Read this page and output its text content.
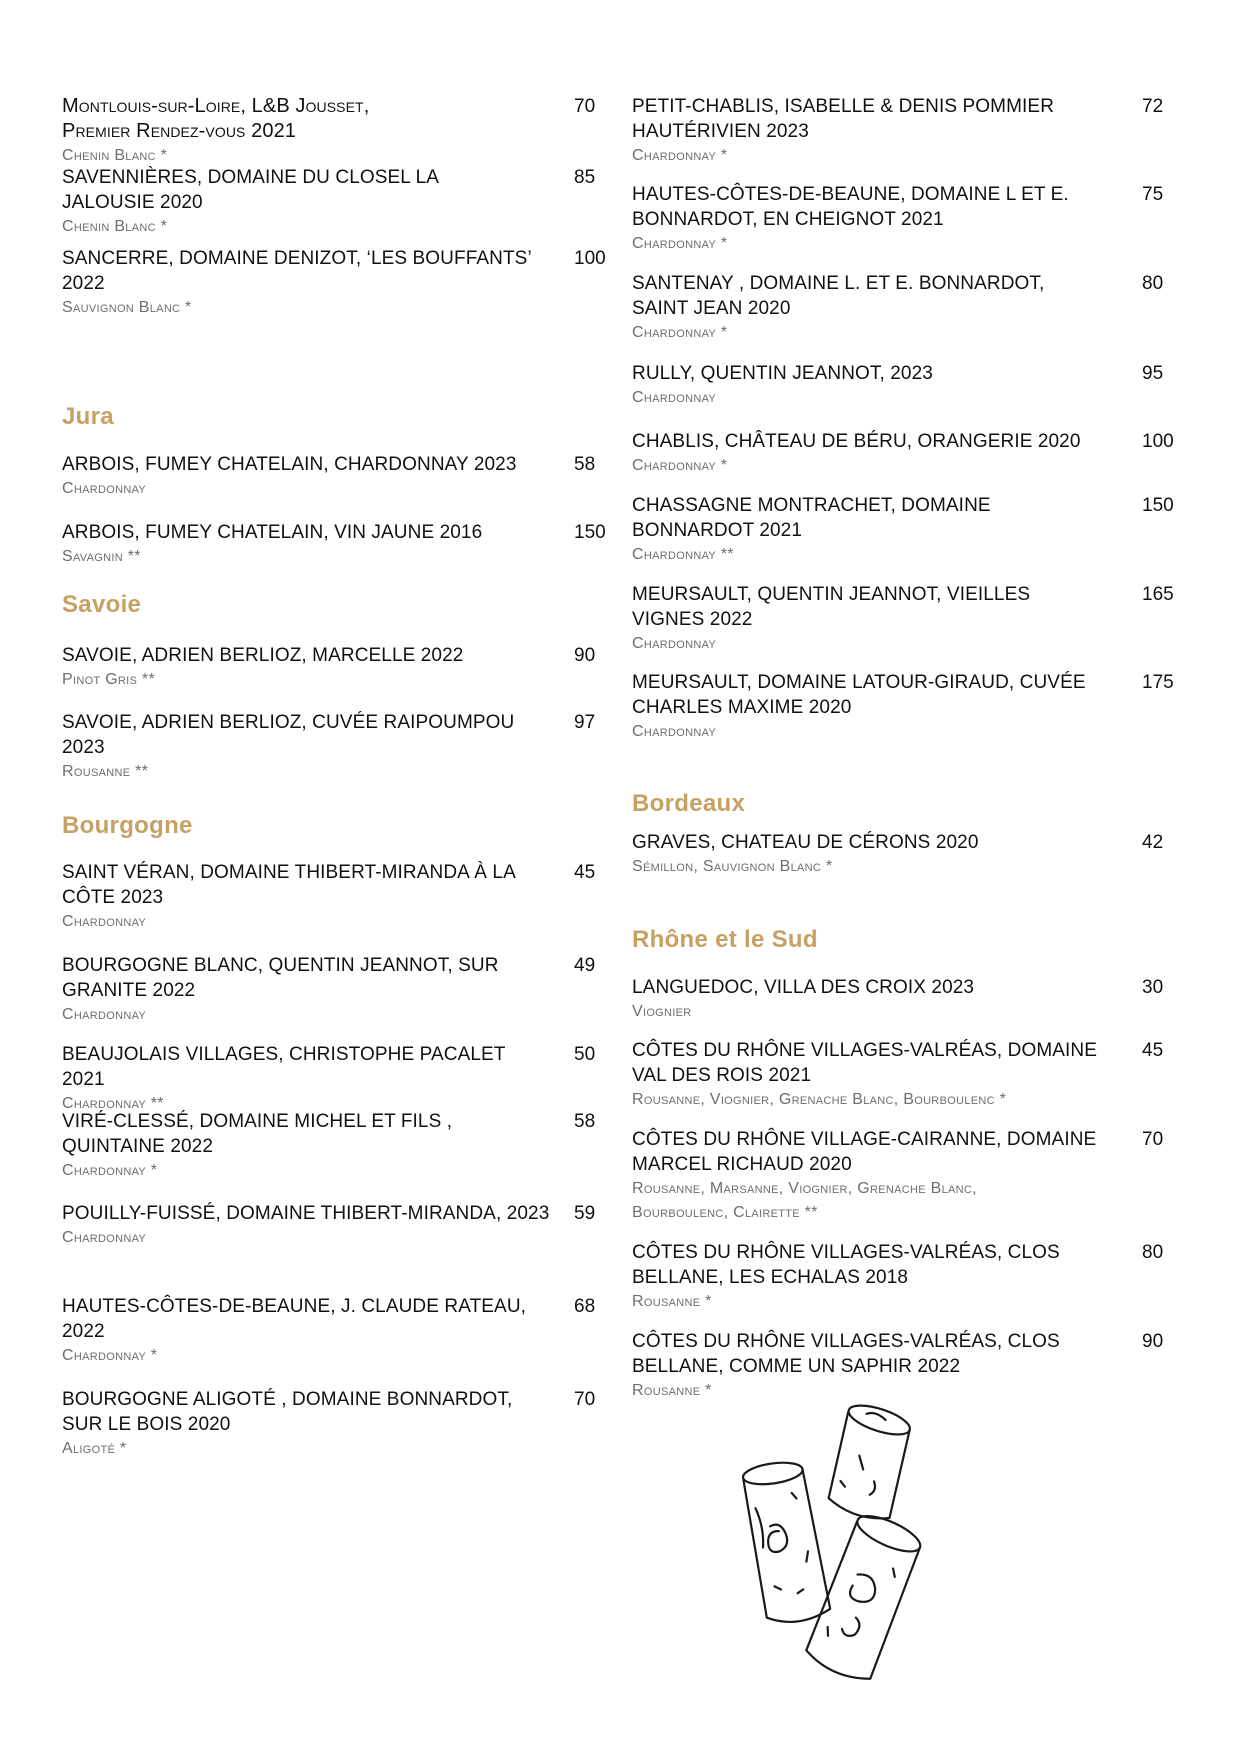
Montlouis-sur-Loire, L&B Jousset, Premier Rendez-vous 2021
Chenin Blanc *
70
SAVENNIÈRES, DOMAINE DU CLOSEL LA JALOUSIE 2020
Chenin Blanc *
85
SANCERRE, DOMAINE DENIZOT, ‘LES BOUFFANTS’ 2022
Sauvignon Blanc *
100
Jura
ARBOIS, FUMEY CHATELAIN, CHARDONNAY 2023
Chardonnay
58
ARBOIS, FUMEY CHATELAIN, VIN JAUNE 2016
Savagnin **
150
Savoie
SAVOIE, ADRIEN BERLIOZ, MARCELLE 2022
Pinot Gris **
90
SAVOIE, ADRIEN BERLIOZ, CUVÉE RAIPOUMPOU 2023
Rousanne **
97
Bourgogne
SAINT VÉRAN, DOMAINE THIBERT-MIRANDA À LA CÔTE 2023
Chardonnay
45
BOURGOGNE BLANC, QUENTIN JEANNOT, SUR GRANITE 2022
Chardonnay
49
BEAUJOLAIS VILLAGES, CHRISTOPHE PACALET 2021
Chardonnay **
50
VIRÉ-CLESSÉ, DOMAINE MICHEL ET FILS , QUINTAINE 2022
Chardonnay *
58
POUILLY-FUISSÉ, DOMAINE THIBERT-MIRANDA, 2023
Chardonnay
59
HAUTES-CÔTES-DE-BEAUNE, J. CLAUDE RATEAU, 2022
Chardonnay *
68
BOURGOGNE ALIGOTÉ , DOMAINE BONNARDOT, SUR LE BOIS 2020
Aligoté *
70
PETIT-CHABLIS, ISABELLE & DENIS POMMIER HAUTÉRIVIEN 2023
Chardonnay *
72
HAUTES-CÔTES-DE-BEAUNE, DOMAINE L ET E. BONNARDOT, EN CHEIGNOT 2021
Chardonnay *
75
SANTENAY , DOMAINE L. ET E. BONNARDOT, SAINT JEAN 2020
Chardonnay *
80
RULLY, QUENTIN JEANNOT, 2023
Chardonnay
95
CHABLIS, CHÂTEAU DE BÉRU, ORANGERIE 2020
Chardonnay *
100
CHASSAGNE MONTRACHET, DOMAINE BONNARDOT 2021
Chardonnay **
150
MEURSAULT, QUENTIN JEANNOT, VIEILLES VIGNES 2022
Chardonnay
165
MEURSAULT, DOMAINE LATOUR-GIRAUD, CUVÉE CHARLES MAXIME 2020
Chardonnay
175
Bordeaux
GRAVES, CHATEAU DE CÉRONS 2020
Sémillon, Sauvignon Blanc *
42
Rhône et le Sud
LANGUEDOC, VILLA DES CROIX 2023
Viognier
30
CÔTES DU RHÔNE VILLAGES-VALRÉAS, DOMAINE VAL DES ROIS 2021
Rousanne, Viognier, Grenache Blanc, Bourboulenc *
45
CÔTES DU RHÔNE VILLAGE-CAIRANNE, DOMAINE MARCEL RICHAUD 2020
Rousanne, Marsanne, Viognier, Grenache Blanc, Bourboulenc, Clairette **
70
CÔTES DU RHÔNE VILLAGES-VALRÉAS, CLOS BELLANE, LES ECHALAS 2018
Rousanne *
80
CÔTES DU RHÔNE VILLAGES-VALRÉAS, CLOS BELLANE, COMME UN SAPHIR 2022
Rousanne *
90
